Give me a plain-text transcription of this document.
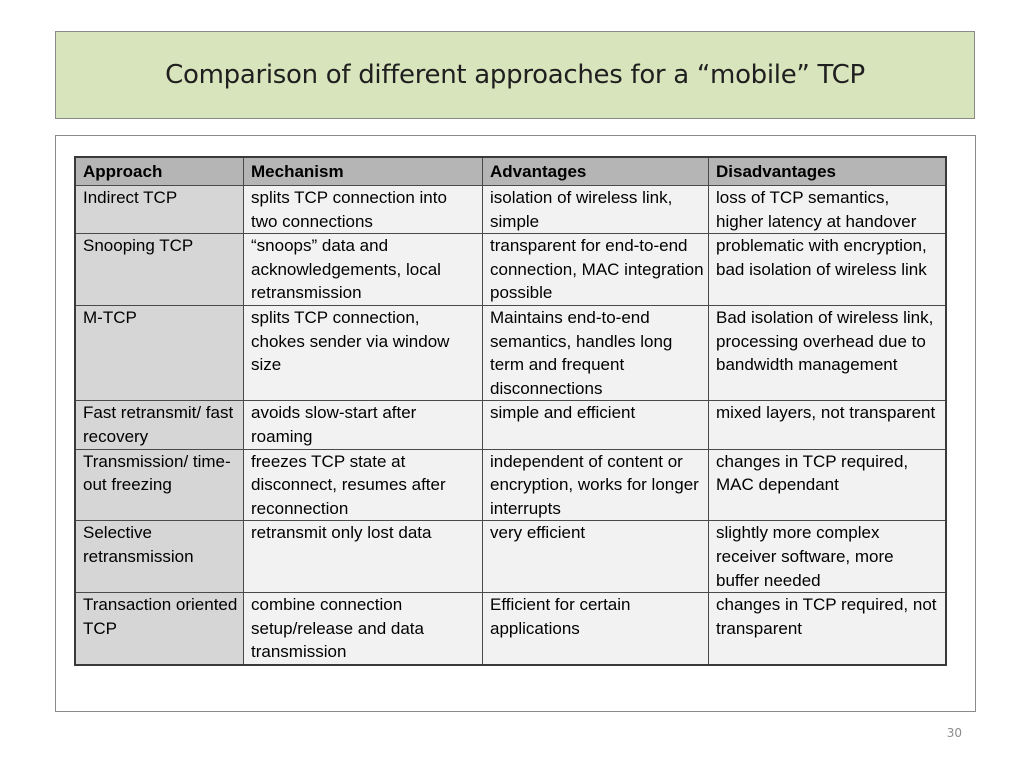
Comparison of different approaches for a “mobile” TCP
Approach	Mechanism	Advantages	Disadvantages
Indirect TCP	splits TCP connection into two connections	isolation of wireless link, simple	loss of TCP semantics, higher latency at handover
Snooping TCP	“snoops” data and acknowledgements, local retransmission	transparent for end-to-end connection, MAC integration possible	problematic with encryption, bad isolation of wireless link
M-TCP	splits TCP connection, chokes sender via window size	Maintains end-to-end semantics, handles long term and frequent disconnections	Bad isolation of wireless link, processing overhead due to bandwidth management
Fast retransmit/ fast recovery	avoids slow-start after roaming	simple and efficient	mixed layers, not transparent
Transmission/ time-out freezing	freezes TCP state at disconnect, resumes after reconnection	independent of content or encryption, works for longer interrupts	changes in TCP required, MAC dependant
Selective retransmission	retransmit only lost data	very efficient	slightly more complex receiver software, more buffer needed
Transaction oriented TCP	combine connection setup/release and data transmission	Efficient for certain applications	changes in TCP required, not transparent
30
